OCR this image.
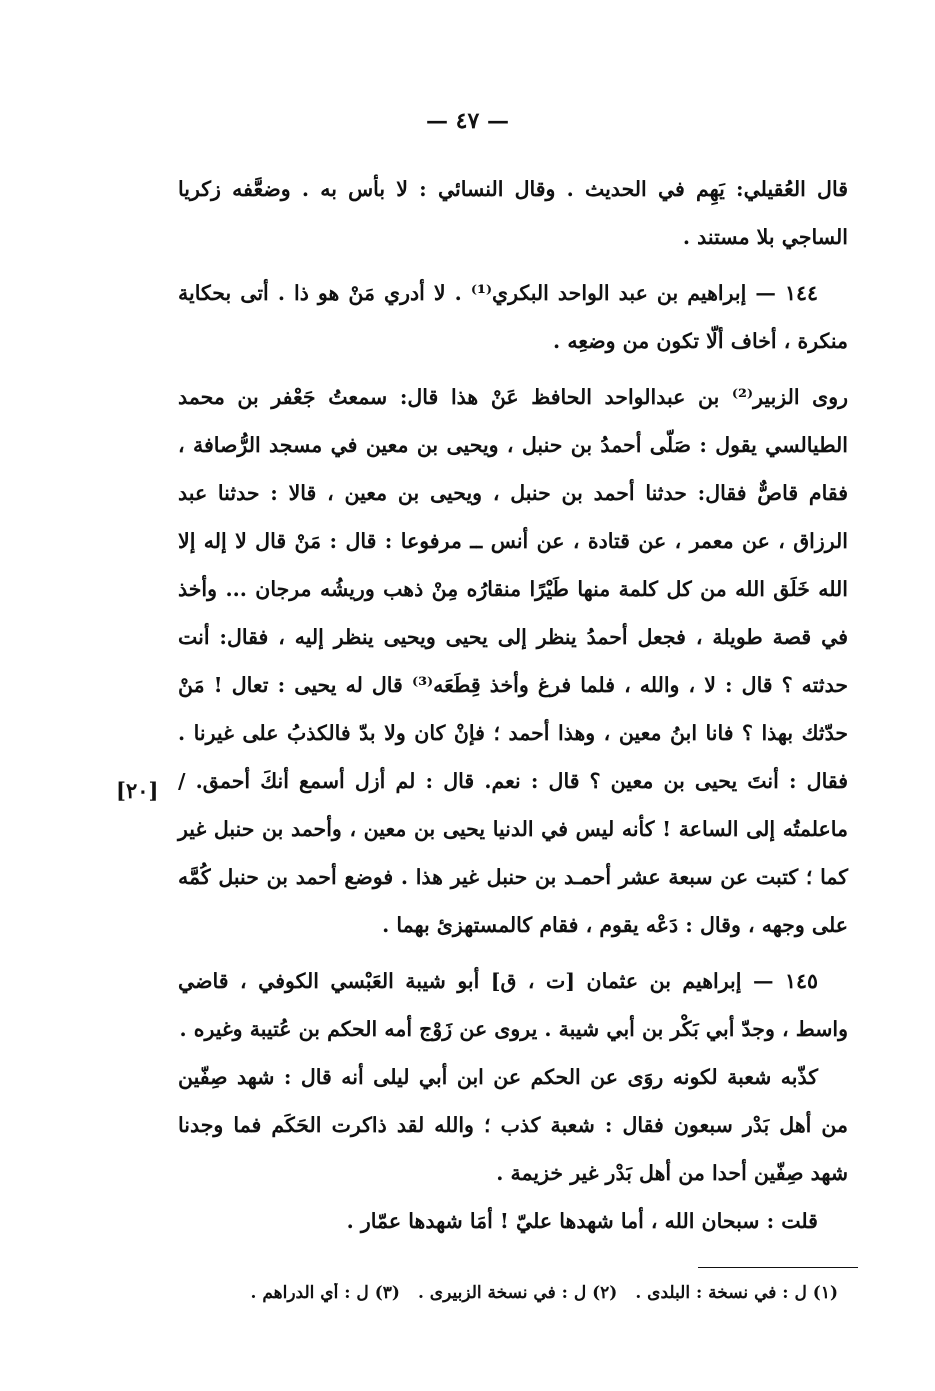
— ٤٧ —
[٢٠]

قال العُقيلي: يَهِم في الحديث . وقال النسائي : لا بأس به . وضعَّفه زكريا الساجي بلا مستند .

١٤٤ — إبراهيم بن عبد الواحد البكري⁽¹⁾ . لا أدري مَنْ هو ذا . أتى بحكاية منكرة ، أخاف ألّا تكون من وضعِه .

روى الزبير⁽²⁾ بن عبدالواحد الحافظ عَنْ هذا قال: سمعتُ جَعْفر بن محمد الطيالسي يقول : صَلّى أحمدُ بن حنبل ، ويحيى بن معين في مسجد الرُّصافة ، فقام قاصٌّ فقال: حدثنا أحمد بن حنبل ، ويحيى بن معين ، قالا : حدثنا عبد الرزاق ، عن معمر ، عن قتادة ، عن أنس ــ مرفوعا : قال : مَنْ قال لا إله إلا الله خَلَق الله من كل كلمة منها طَيْرًا منقارُه مِنْ ذهب وريشُه مرجان ... وأخذ في قصة طويلة ، فجعل أحمدُ ينظر إلى يحيى ويحيى ينظر إليه ، فقال: أنت حدثته ؟ قال : لا ، والله ، فلما فرغ وأخذ قِطَعَه⁽³⁾ قال له يحيى : تعال ! مَنْ حدّثك بهذا ؟ فانا ابنُ معين ، وهذا أحمد ؛ فإنْ كان ولا بدّ فالكذبُ على غيرنا . فقال : أنتَ يحيى بن معين ؟ قال : نعم. قال : لم أزل أسمع أنكَ أحمق. / ماعلمتُه إلى الساعة ! كأنه ليس في الدنيا يحيى بن معين ، وأحمد بن حنبل غير كما ؛ كتبت عن سبعة عشر أحمـد بن حنبل غير هذا . فوضع أحمد بن حنبل كُمَّه على وجهه ، وقال : دَعْه يقوم ، فقام كالمستهزئ بهما .

١٤٥ — إبراهيم بن عثمان [ت ، ق] أبو شيبة العَبْسي الكوفي ، قاضي واسط ، وجدّ أبي بَكْر بن أبي شيبة . يروى عن زَوْج أمه الحكم بن عُتيبة وغيره .

كذّبه شعبة لكونه روَى عن الحكم عن ابن أبي ليلى أنه قال : شهد صِفّين من أهل بَدْر سبعون فقال : شعبة كذب ؛ والله لقد ذاكرت الحَكَم فما وجدنا شهد صِفّين أحدا من أهل بَدْر غير خزيمة .

قلت : سبحان الله ، أما شهدها عليّ ! أمَا شهدها عمّار .

(١) ل : في نسخة : البلدى .(٢) ل : في نسخة الزبيرى .(٣) ل : أي الدراهم .
